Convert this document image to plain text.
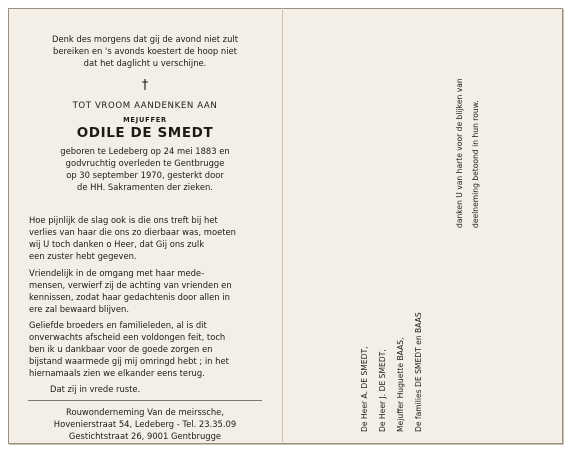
Denk des morgens dat gij de avond niet zult
bereiken en 's avonds koestert de hoop niet
dat het daglicht u verschijne.
†
TOT VROOM AANDENKEN AAN
MEJUFFER
ODILE DE SMEDT
geboren te Ledeberg op 24 mei 1883 en
godvruchtig overleden te Gentbrugge
op 30 september 1970, gesterkt door
de HH. Sakramenten der zieken.
Hoe pijnlijk de slag ook is die ons treft bij het
verlies van haar die ons zo dierbaar was, moeten
wij U toch danken o Heer, dat Gij ons zulk
een zuster hebt gegeven.
Vriendelijk in de omgang met haar mede-
mensen, verwierf zij de achting van vrienden en
kennissen, zodat haar gedachtenis door allen in
ere zal bewaard blijven.
Geliefde broeders en familieleden, al is dit
onverwachts afscheid een voldongen feit, toch
ben ik u dankbaar voor de goede zorgen en
bijstand waarmede gij mij omringd hebt ; in het
hiernamaals zien we elkander eens terug.
Dat zij in vrede ruste.
Rouwonderneming Van de meirssche,
Hovenierstraat 54, Ledeberg - Tel. 23.35.09
Gestichtstraat 26, 9001 Gentbrugge
danken U van harte voor de blijken van deelneming betoond in hun rouw.
De Heer A. DE SMEDT, De Heer J. DE SMEDT, Mejuffer Huguette BAAS, De families DE SMEDT en BAAS
